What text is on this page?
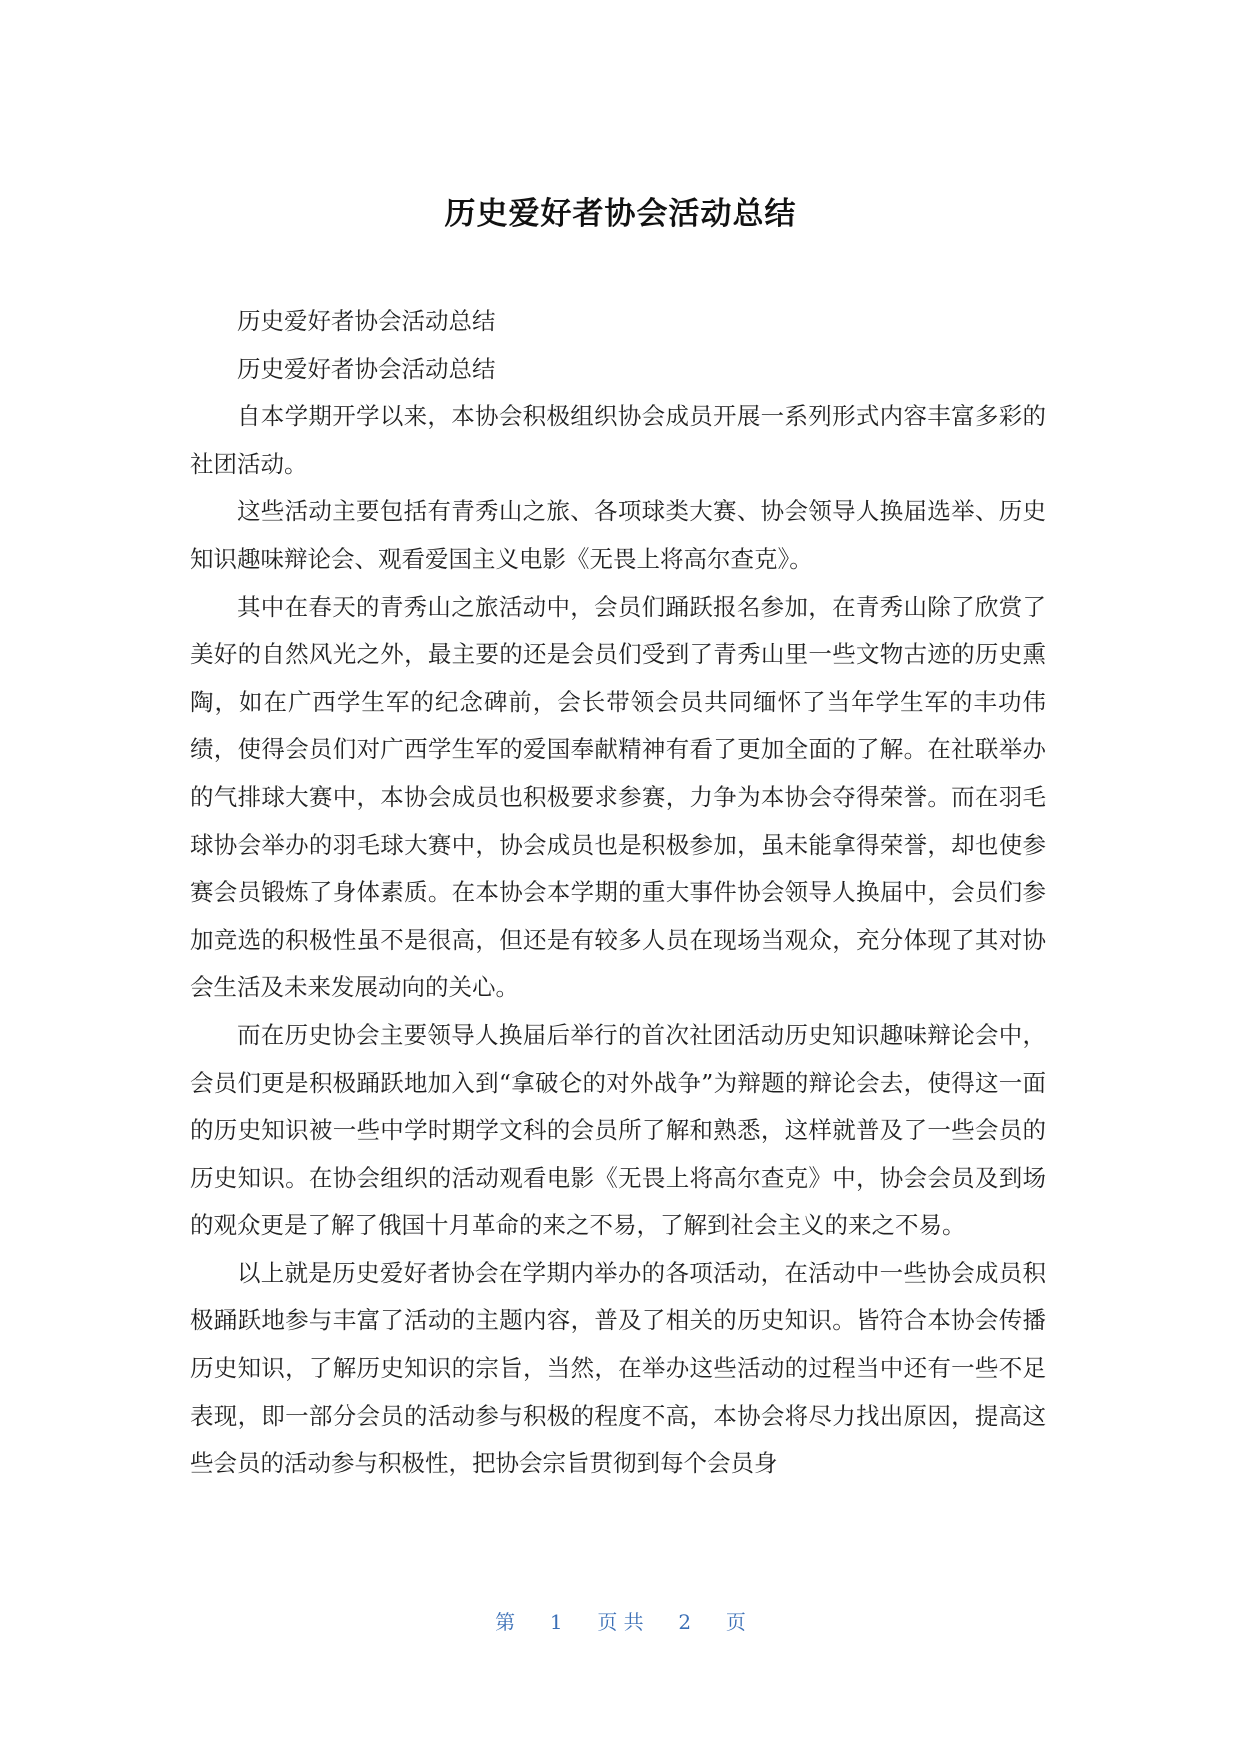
历史爱好者协会活动总结

历史爱好者协会活动总结

历史爱好者协会活动总结

自本学期开学以来，本协会积极组织协会成员开展一系列形式内容丰富多彩的社团活动。

这些活动主要包括有青秀山之旅、各项球类大赛、协会领导人换届选举、历史知识趣味辩论会、观看爱国主义电影《无畏上将高尔查克》。

其中在春天的青秀山之旅活动中，会员们踊跃报名参加，在青秀山除了欣赏了美好的自然风光之外，最主要的还是会员们受到了青秀山里一些文物古迹的历史熏陶，如在广西学生军的纪念碑前，会长带领会员共同缅怀了当年学生军的丰功伟绩，使得会员们对广西学生军的爱国奉献精神有看了更加全面的了解。在社联举办的气排球大赛中，本协会成员也积极要求参赛，力争为本协会夺得荣誉。而在羽毛球协会举办的羽毛球大赛中，协会成员也是积极参加，虽未能拿得荣誉，却也使参赛会员锻炼了身体素质。在本协会本学期的重大事件协会领导人换届中，会员们参加竞选的积极性虽不是很高，但还是有较多人员在现场当观众，充分体现了其对协会生活及未来发展动向的关心。

而在历史协会主要领导人换届后举行的首次社团活动历史知识趣味辩论会中，会员们更是积极踊跃地加入到“拿破仑的对外战争”为辩题的辩论会去，使得这一面的历史知识被一些中学时期学文科的会员所了解和熟悉，这样就普及了一些会员的历史知识。在协会组织的活动观看电影《无畏上将高尔查克》中，协会会员及到场的观众更是了解了俄国十月革命的来之不易，了解到社会主义的来之不易。

以上就是历史爱好者协会在学期内举办的各项活动，在活动中一些协会成员积极踊跃地参与丰富了活动的主题内容，普及了相关的历史知识。皆符合本协会传播历史知识，了解历史知识的宗旨，当然，在举办这些活动的过程当中还有一些不足表现，即一部分会员的活动参与积极的程度不高，本协会将尽力找出原因，提高这些会员的活动参与积极性，把协会宗旨贯彻到每个会员身

第 1 页 共 2 页
